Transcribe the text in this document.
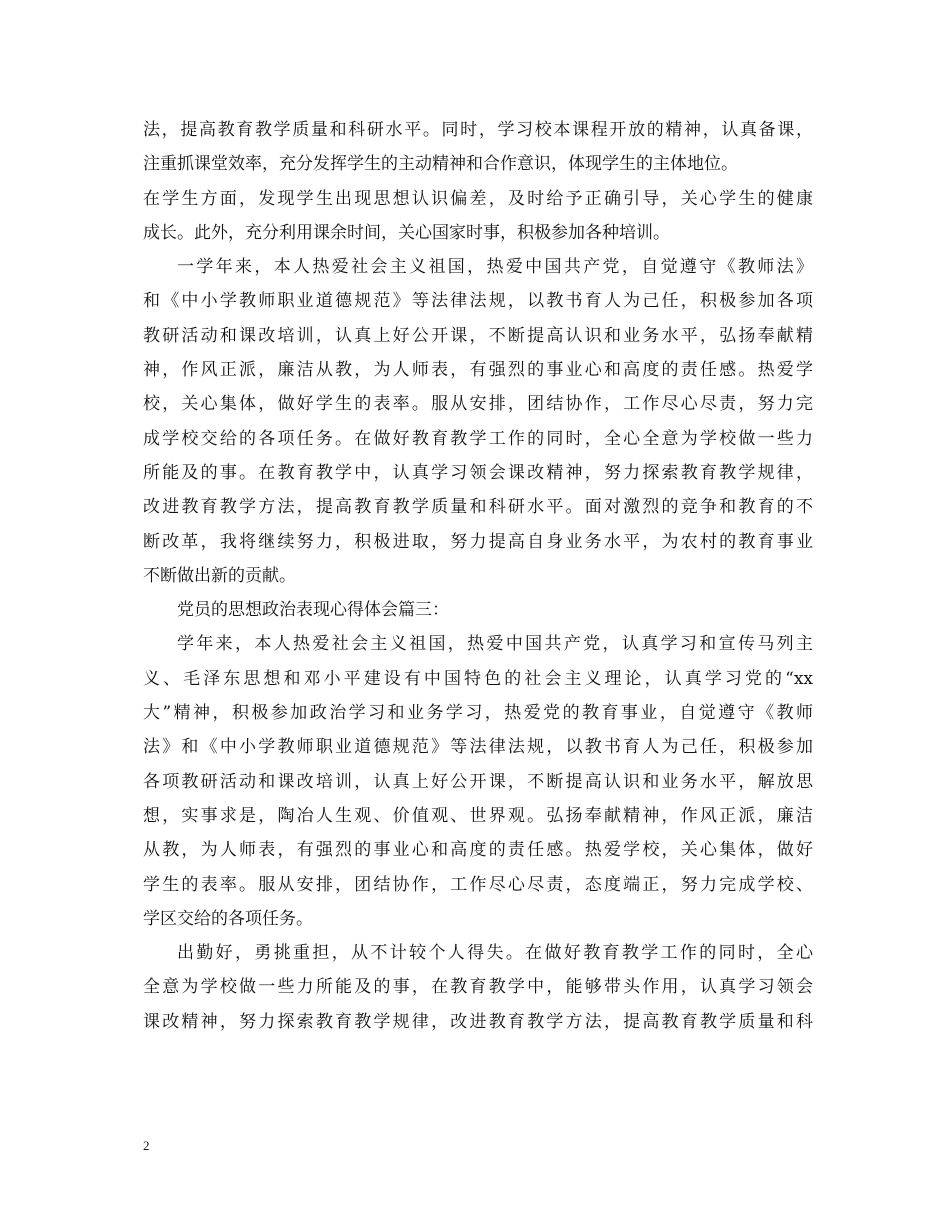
法，提高教育教学质量和科研水平。同时，学习校本课程开放的精神，认真备课，
注重抓课堂效率，充分发挥学生的主动精神和合作意识，体现学生的主体地位。
在学生方面，发现学生出现思想认识偏差，及时给予正确引导，关心学生的健康
成长。此外，充分利用课余时间，关心国家时事，积极参加各种培训。
一学年来，本人热爱社会主义祖国，热爱中国共产党，自觉遵守《教师法》
和《中小学教师职业道德规范》等法律法规，以教书育人为己任，积极参加各项
教研活动和课改培训，认真上好公开课，不断提高认识和业务水平，弘扬奉献精
神，作风正派，廉洁从教，为人师表，有强烈的事业心和高度的责任感。热爱学
校，关心集体，做好学生的表率。服从安排，团结协作，工作尽心尽责，努力完
成学校交给的各项任务。在做好教育教学工作的同时，全心全意为学校做一些力
所能及的事。在教育教学中，认真学习领会课改精神，努力探索教育教学规律，
改进教育教学方法，提高教育教学质量和科研水平。面对激烈的竞争和教育的不
断改革，我将继续努力，积极进取，努力提高自身业务水平，为农村的教育事业
不断做出新的贡献。
党员的思想政治表现心得体会篇三：
学年来，本人热爱社会主义祖国，热爱中国共产党，认真学习和宣传马列主
义、毛泽东思想和邓小平建设有中国特色的社会主义理论，认真学习党的“xx
大”精神，积极参加政治学习和业务学习，热爱党的教育事业，自觉遵守《教师
法》和《中小学教师职业道德规范》等法律法规，以教书育人为己任，积极参加
各项教研活动和课改培训，认真上好公开课，不断提高认识和业务水平，解放思
想，实事求是，陶冶人生观、价值观、世界观。弘扬奉献精神，作风正派，廉洁
从教，为人师表，有强烈的事业心和高度的责任感。热爱学校，关心集体，做好
学生的表率。服从安排，团结协作，工作尽心尽责，态度端正，努力完成学校、
学区交给的各项任务。
出勤好，勇挑重担，从不计较个人得失。在做好教育教学工作的同时，全心
全意为学校做一些力所能及的事，在教育教学中，能够带头作用，认真学习领会
课改精神，努力探索教育教学规律，改进教育教学方法，提高教育教学质量和科
2
